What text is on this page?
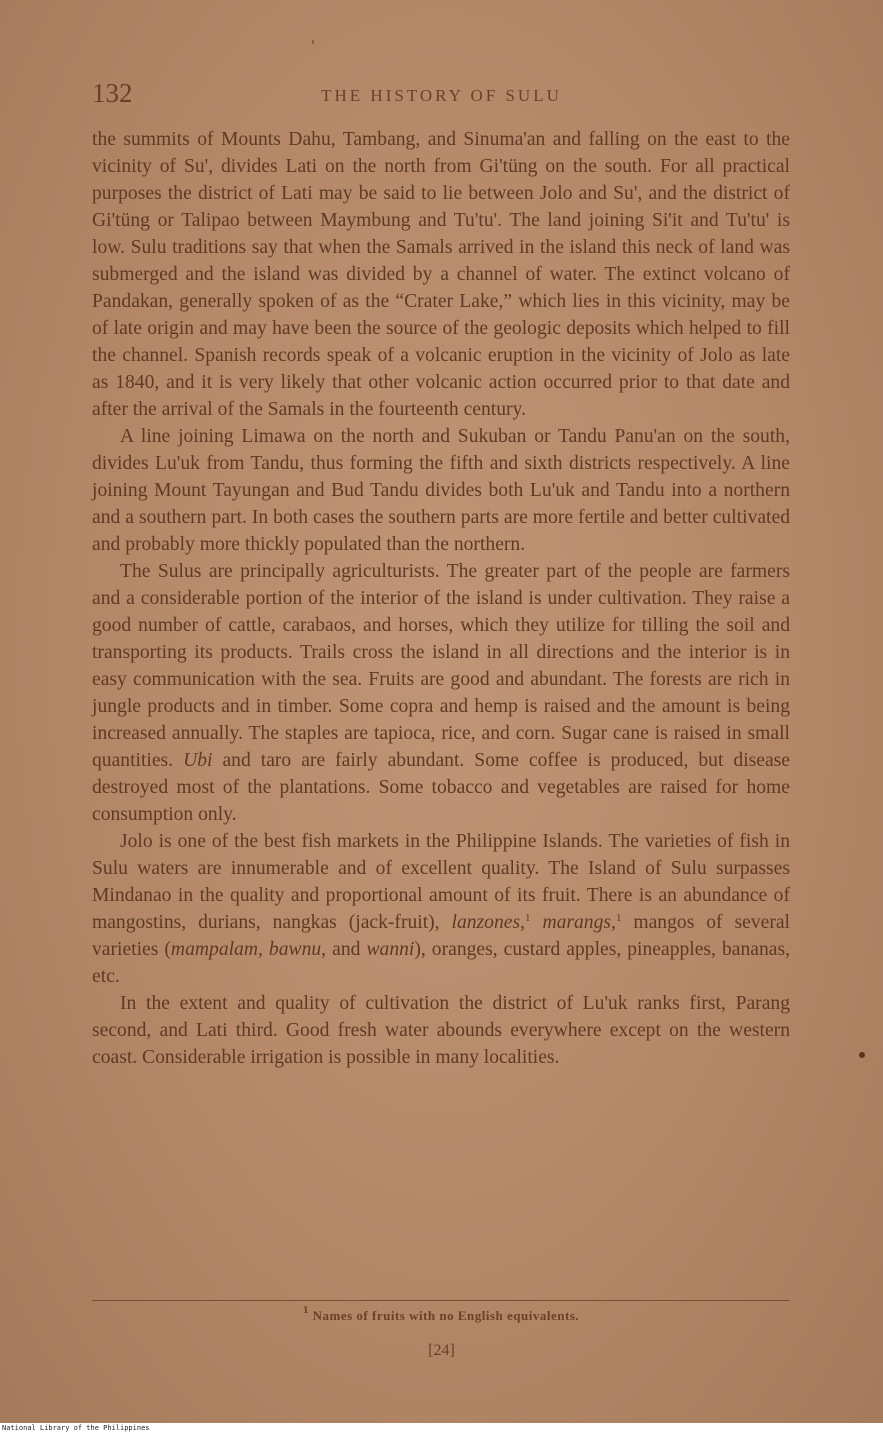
132	THE HISTORY OF SULU

the summits of Mounts Dahu, Tambang, and Sinuma'an and falling on the east to the vicinity of Su', divides Lati on the north from Gi'tüng on the south. For all practical purposes the district of Lati may be said to lie between Jolo and Su', and the district of Gi'tüng or Talipao between Maymbung and Tu'tu'. The land joining Si'it and Tu'tu' is low. Sulu traditions say that when the Samals arrived in the island this neck of land was submerged and the island was divided by a channel of water. The extinct volcano of Pandakan, generally spoken of as the “Crater Lake,” which lies in this vicinity, may be of late origin and may have been the source of the geologic deposits which helped to fill the channel. Spanish records speak of a volcanic eruption in the vicinity of Jolo as late as 1840, and it is very likely that other volcanic action occurred prior to that date and after the arrival of the Samals in the fourteenth century.

A line joining Limawa on the north and Sukuban or Tandu Panu'an on the south, divides Lu'uk from Tandu, thus forming the fifth and sixth districts respectively. A line joining Mount Tayungan and Bud Tandu divides both Lu'uk and Tandu into a northern and a southern part. In both cases the southern parts are more fertile and better cultivated and probably more thickly populated than the northern.

The Sulus are principally agriculturists. The greater part of the people are farmers and a considerable portion of the interior of the island is under cultivation. They raise a good number of cattle, carabaos, and horses, which they utilize for tilling the soil and transporting its products. Trails cross the island in all directions and the interior is in easy communication with the sea. Fruits are good and abundant. The forests are rich in jungle products and in timber. Some copra and hemp is raised and the amount is being increased annually. The staples are tapioca, rice, and corn. Sugar cane is raised in small quantities. Ubi and taro are fairly abundant. Some coffee is produced, but disease destroyed most of the plantations. Some tobacco and vegetables are raised for home consumption only.

Jolo is one of the best fish markets in the Philippine Islands. The varieties of fish in Sulu waters are innumerable and of excellent quality. The Island of Sulu surpasses Mindanao in the quality and proportional amount of its fruit. There is an abundance of mangostins, durians, nangkas (jack-fruit), lanzones,$^1$ marangs,$^1$ mangos of several varieties (mampalam, bawnu, and wanni), oranges, custard apples, pineapples, bananas, etc.

In the extent and quality of cultivation the district of Lu'uk ranks first, Parang second, and Lati third. Good fresh water abounds everywhere except on the western coast. Considerable irrigation is possible in many localities.

$^1$ Names of fruits with no English equivalents.
[24]
National Library of the Philippines
